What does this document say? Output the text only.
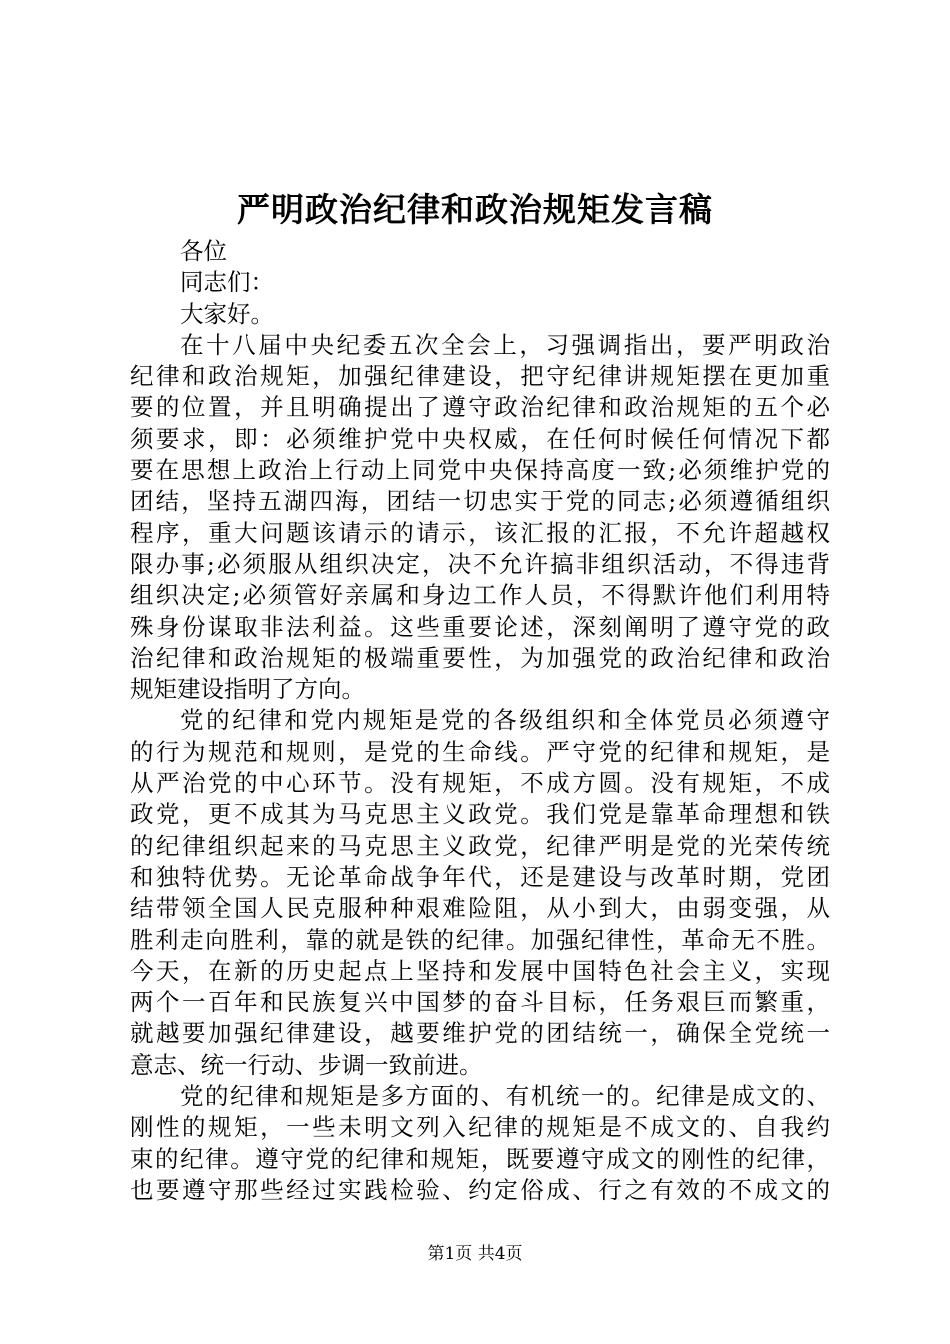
严明政治纪律和政治规矩发言稿
各位
同志们：
大家好。
在十八届中央纪委五次全会上，习强调指出，要严明政治
纪律和政治规矩，加强纪律建设，把守纪律讲规矩摆在更加重
要的位置，并且明确提出了遵守政治纪律和政治规矩的五个必
须要求，即：必须维护党中央权威，在任何时候任何情况下都
要在思想上政治上行动上同党中央保持高度一致;必须维护党的
团结，坚持五湖四海，团结一切忠实于党的同志;必须遵循组织
程序，重大问题该请示的请示，该汇报的汇报，不允许超越权
限办事;必须服从组织决定，决不允许搞非组织活动，不得违背
组织决定;必须管好亲属和身边工作人员，不得默许他们利用特
殊身份谋取非法利益。这些重要论述，深刻阐明了遵守党的政
治纪律和政治规矩的极端重要性，为加强党的政治纪律和政治
规矩建设指明了方向。
党的纪律和党内规矩是党的各级组织和全体党员必须遵守
的行为规范和规则，是党的生命线。严守党的纪律和规矩，是
从严治党的中心环节。没有规矩，不成方圆。没有规矩，不成
政党，更不成其为马克思主义政党。我们党是靠革命理想和铁
的纪律组织起来的马克思主义政党，纪律严明是党的光荣传统
和独特优势。无论革命战争年代，还是建设与改革时期，党团
结带领全国人民克服种种艰难险阻，从小到大，由弱变强，从
胜利走向胜利，靠的就是铁的纪律。加强纪律性，革命无不胜。
今天，在新的历史起点上坚持和发展中国特色社会主义，实现
两个一百年和民族复兴中国梦的奋斗目标，任务艰巨而繁重，
就越要加强纪律建设，越要维护党的团结统一，确保全党统一
意志、统一行动、步调一致前进。
党的纪律和规矩是多方面的、有机统一的。纪律是成文的、
刚性的规矩，一些未明文列入纪律的规矩是不成文的、自我约
束的纪律。遵守党的纪律和规矩，既要遵守成文的刚性的纪律，
也要遵守那些经过实践检验、约定俗成、行之有效的不成文的
第1页 共4页
